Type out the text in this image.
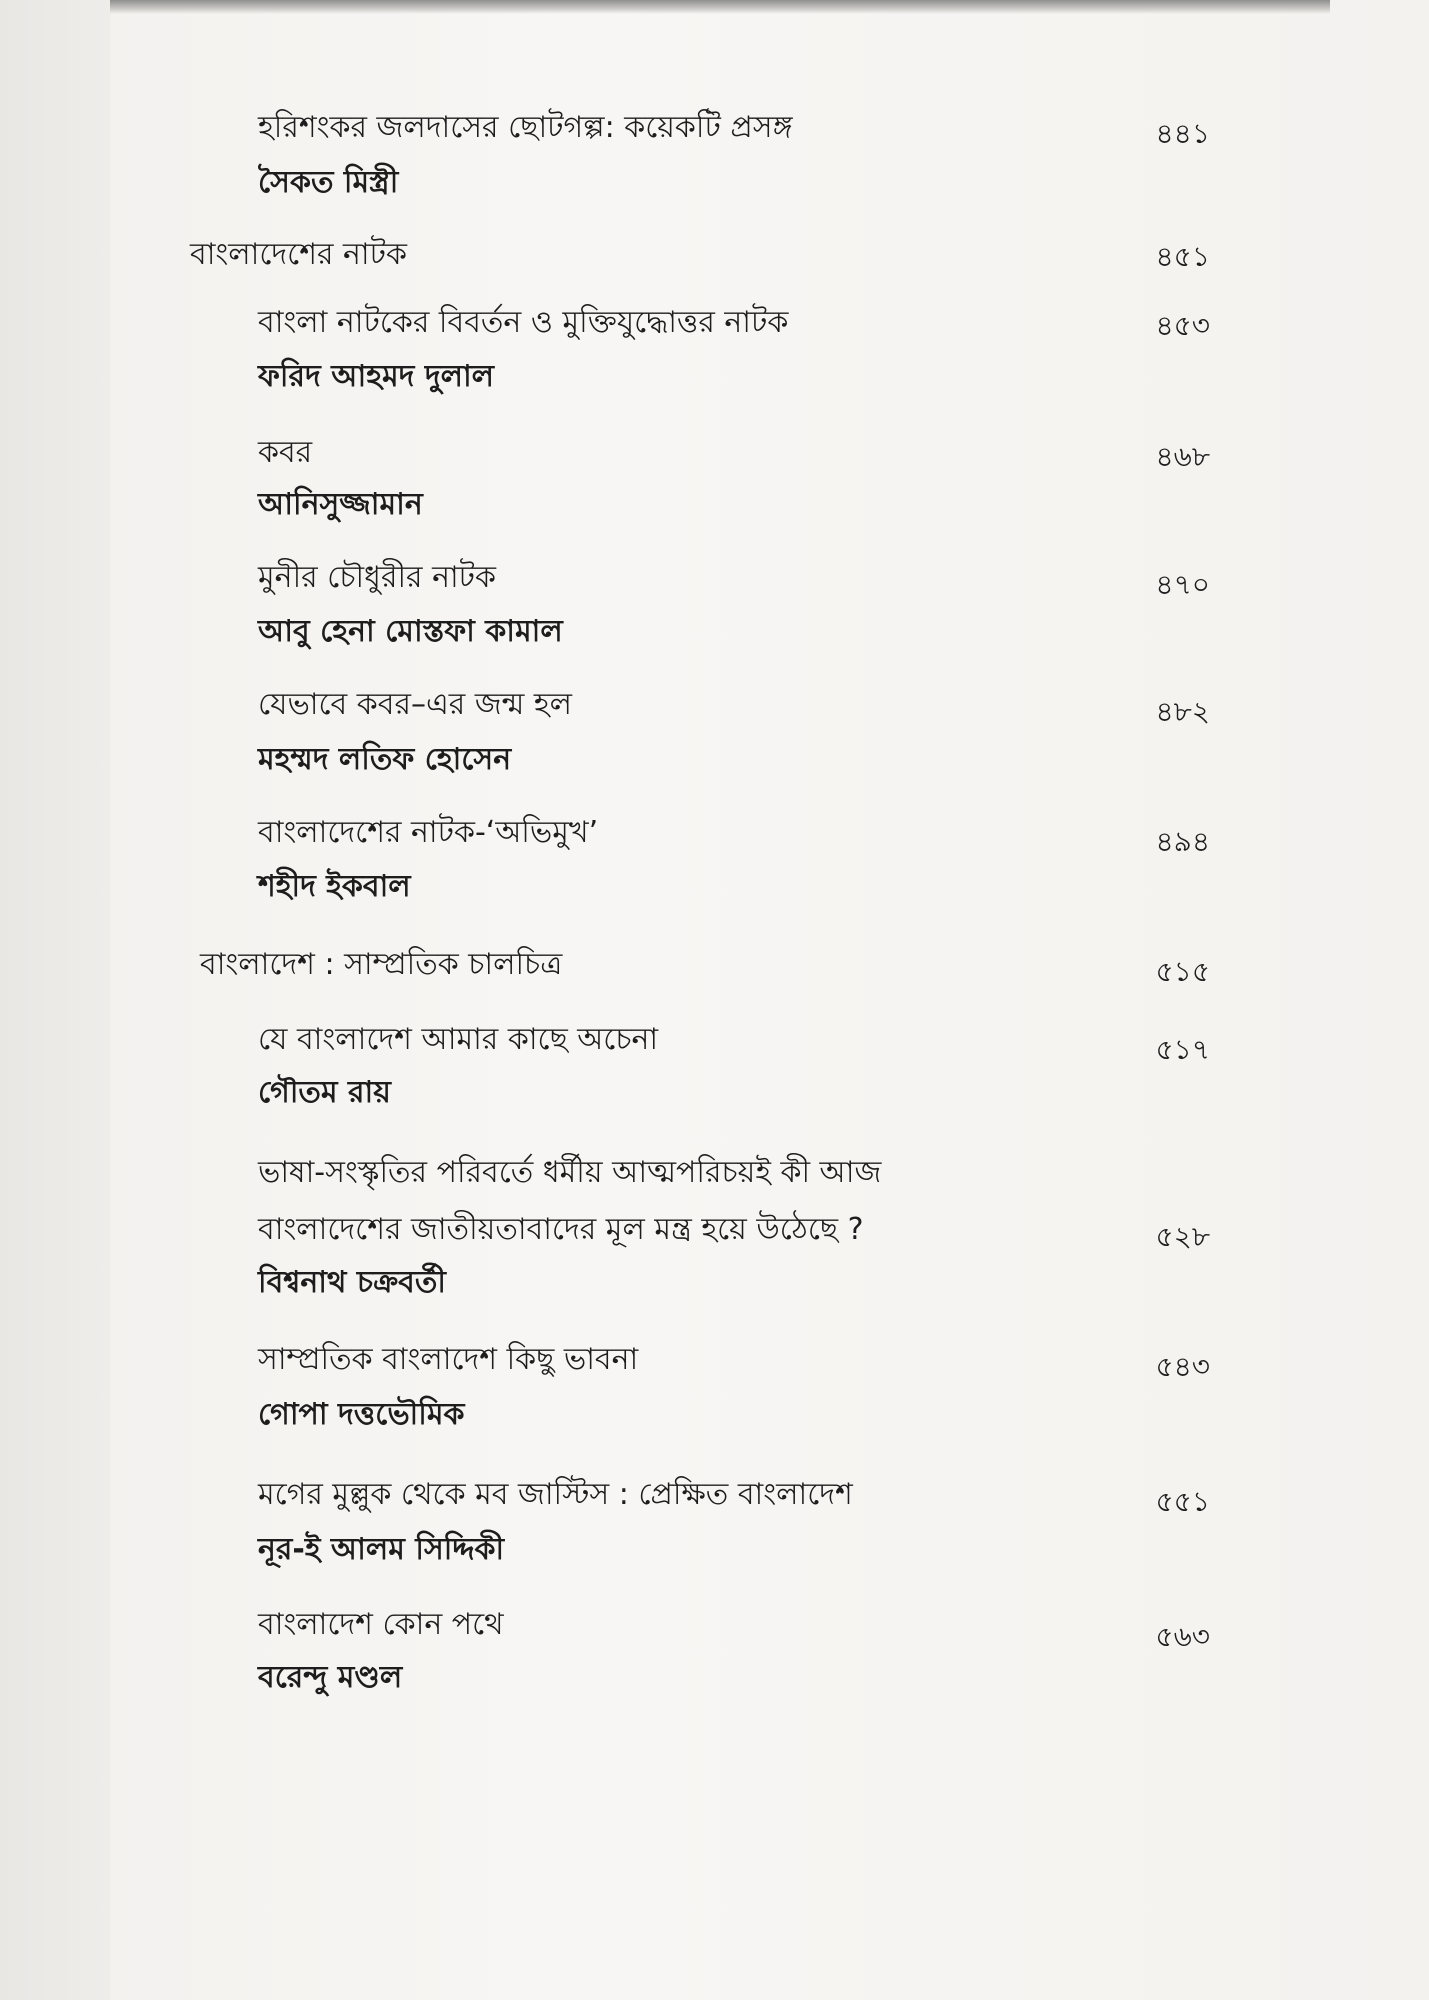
হরিশংকর জলদাসের ছোটগল্প: কয়েকটি প্রসঙ্গ	৪৪১
সৈকত মিস্ত্রী
বাংলাদেশের নাটক	৪৫১
বাংলা নাটকের বিবর্তন ও মুক্তিযুদ্ধোত্তর নাটক	৪৫৩
ফরিদ আহমদ দুলাল
কবর	৪৬৮
আনিসুজ্জামান
মুনীর চৌধুরীর নাটক	৪৭০
আবু হেনা মোস্তফা কামাল
যেভাবে কবর–এর জন্ম হল	৪৮২
মহম্মদ লতিফ হোসেন
বাংলাদেশের নাটক-‘অভিমুখ’	৪৯৪
শহীদ ইকবাল
বাংলাদেশ : সাম্প্রতিক চালচিত্র	৫১৫
যে বাংলাদেশ আমার কাছে অচেনা	৫১৭
গৌতম রায়
ভাষা-সংস্কৃতির পরিবর্তে ধর্মীয় আত্মপরিচয়ই কী আজ
বাংলাদেশের জাতীয়তাবাদের মূল মন্ত্র হয়ে উঠেছে ?	৫২৮
বিশ্বনাথ চক্রবর্তী
সাম্প্রতিক বাংলাদেশ কিছু ভাবনা	৫৪৩
গোপা দত্তভৌমিক
মগের মুল্লুক থেকে মব জাস্টিস : প্রেক্ষিত বাংলাদেশ	৫৫১
নূর-ই আলম সিদ্দিকী
বাংলাদেশ কোন পথে	৫৬৩
বরেন্দু মণ্ডল
